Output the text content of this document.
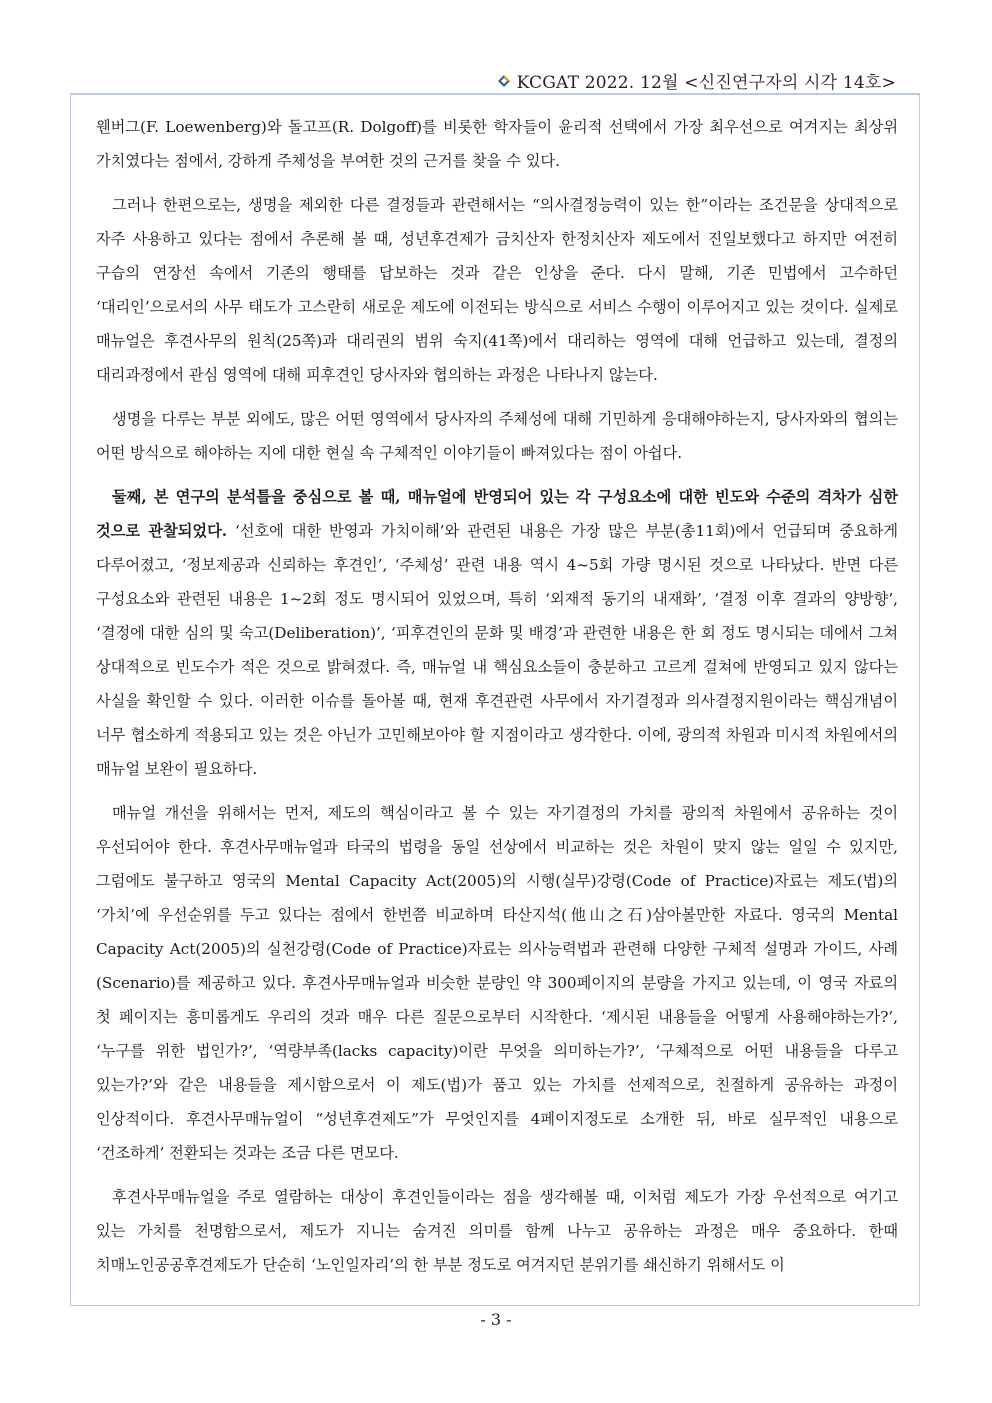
KCGAT 2022. 12월 <신진연구자의 시각 14호>

웬버그(F. Loewenberg)와 돌고프(R. Dolgoff)를 비롯한 학자들이 윤리적 선택에서 가장 최우선으로 여겨지는 최상위 가치였다는 점에서, 강하게 주체성을 부여한 것의 근거를 찾을 수 있다.

그러나 한편으로는, 생명을 제외한 다른 결정들과 관련해서는 “의사결정능력이 있는 한”이라는 조건문을 상대적으로 자주 사용하고 있다는 점에서 추론해 볼 때, 성년후견제가 금치산자 한정치산자 제도에서 진일보했다고 하지만 여전히 구습의 연장선 속에서 기존의 행태를 답보하는 것과 같은 인상을 준다. 다시 말해, 기존 민법에서 고수하던 ‘대리인’으로서의 사무 태도가 고스란히 새로운 제도에 이전되는 방식으로 서비스 수행이 이루어지고 있는 것이다. 실제로 매뉴얼은 후견사무의 원칙(25쪽)과 대리권의 범위 숙지(41쪽)에서 대리하는 영역에 대해 언급하고 있는데, 결정의 대리과정에서 관심 영역에 대해 피후견인 당사자와 협의하는 과정은 나타나지 않는다.

생명을 다루는 부분 외에도, 많은 어떤 영역에서 당사자의 주체성에 대해 기민하게 응대해야하는지, 당사자와의 협의는 어떤 방식으로 해야하는 지에 대한 현실 속 구체적인 이야기들이 빠져있다는 점이 아쉽다.

둘째, 본 연구의 분석틀을 중심으로 볼 때, 매뉴얼에 반영되어 있는 각 구성요소에 대한 빈도와 수준의 격차가 심한 것으로 관찰되었다. ‘선호에 대한 반영과 가치이해’와 관련된 내용은 가장 많은 부분(총11회)에서 언급되며 중요하게 다루어졌고, ‘정보제공과 신뢰하는 후견인’, ‘주체성’ 관련 내용 역시 4~5회 가량 명시된 것으로 나타났다. 반면 다른 구성요소와 관련된 내용은 1~2회 정도 명시되어 있었으며, 특히 ‘외재적 동기의 내재화’, ‘결정 이후 결과의 양방향’, ‘결정에 대한 심의 및 숙고(Deliberation)’, ‘피후견인의 문화 및 배경’과 관련한 내용은 한 회 정도 명시되는 데에서 그쳐 상대적으로 빈도수가 적은 것으로 밝혀졌다. 즉, 매뉴얼 내 핵심요소들이 충분하고 고르게 걸쳐에 반영되고 있지 않다는 사실을 확인할 수 있다. 이러한 이슈를 돌아볼 때, 현재 후견관련 사무에서 자기결정과 의사결정지원이라는 핵심개념이 너무 협소하게 적용되고 있는 것은 아닌가 고민해보아야 할 지점이라고 생각한다. 이에, 광의적 차원과 미시적 차원에서의 매뉴얼 보완이 필요하다.

매뉴얼 개선을 위해서는 먼저, 제도의 핵심이라고 볼 수 있는 자기결정의 가치를 광의적 차원에서 공유하는 것이 우선되어야 한다. 후견사무매뉴얼과 타국의 법령을 동일 선상에서 비교하는 것은 차원이 맞지 않는 일일 수 있지만, 그럼에도 불구하고 영국의 Mental Capacity Act(2005)의 시행(실무)강령(Code of Practice)자료는 제도(법)의 ‘가치’에 우선순위를 두고 있다는 점에서 한번쯤 비교하며 타산지석(他山之石)삼아볼만한 자료다. 영국의 Mental Capacity Act(2005)의 실천강령(Code of Practice)자료는 의사능력법과 관련해 다양한 구체적 설명과 가이드, 사례(Scenario)를 제공하고 있다. 후견사무매뉴얼과 비슷한 분량인 약 300페이지의 분량을 가지고 있는데, 이 영국 자료의 첫 페이지는 흥미롭게도 우리의 것과 매우 다른 질문으로부터 시작한다. ‘제시된 내용들을 어떻게 사용해야하는가?’, ‘누구를 위한 법인가?’, ‘역량부족(lacks capacity)이란 무엇을 의미하는가?’, ‘구체적으로 어떤 내용들을 다루고 있는가?’와 같은 내용들을 제시함으로서 이 제도(법)가 품고 있는 가치를 선제적으로, 친절하게 공유하는 과정이 인상적이다. 후견사무매뉴얼이 “성년후견제도”가 무엇인지를 4페이지정도로 소개한 뒤, 바로 실무적인 내용으로 ‘건조하게’ 전환되는 것과는 조금 다른 면모다.

후견사무매뉴얼을 주로 열람하는 대상이 후견인들이라는 점을 생각해볼 때, 이처럼 제도가 가장 우선적으로 여기고 있는 가치를 천명함으로서, 제도가 지니는 숨겨진 의미를 함께 나누고 공유하는 과정은 매우 중요하다. 한때 치매노인공공후견제도가 단순히 ‘노인일자리’의 한 부분 정도로 여겨지던 분위기를 쇄신하기 위해서도 이

- 3 -
